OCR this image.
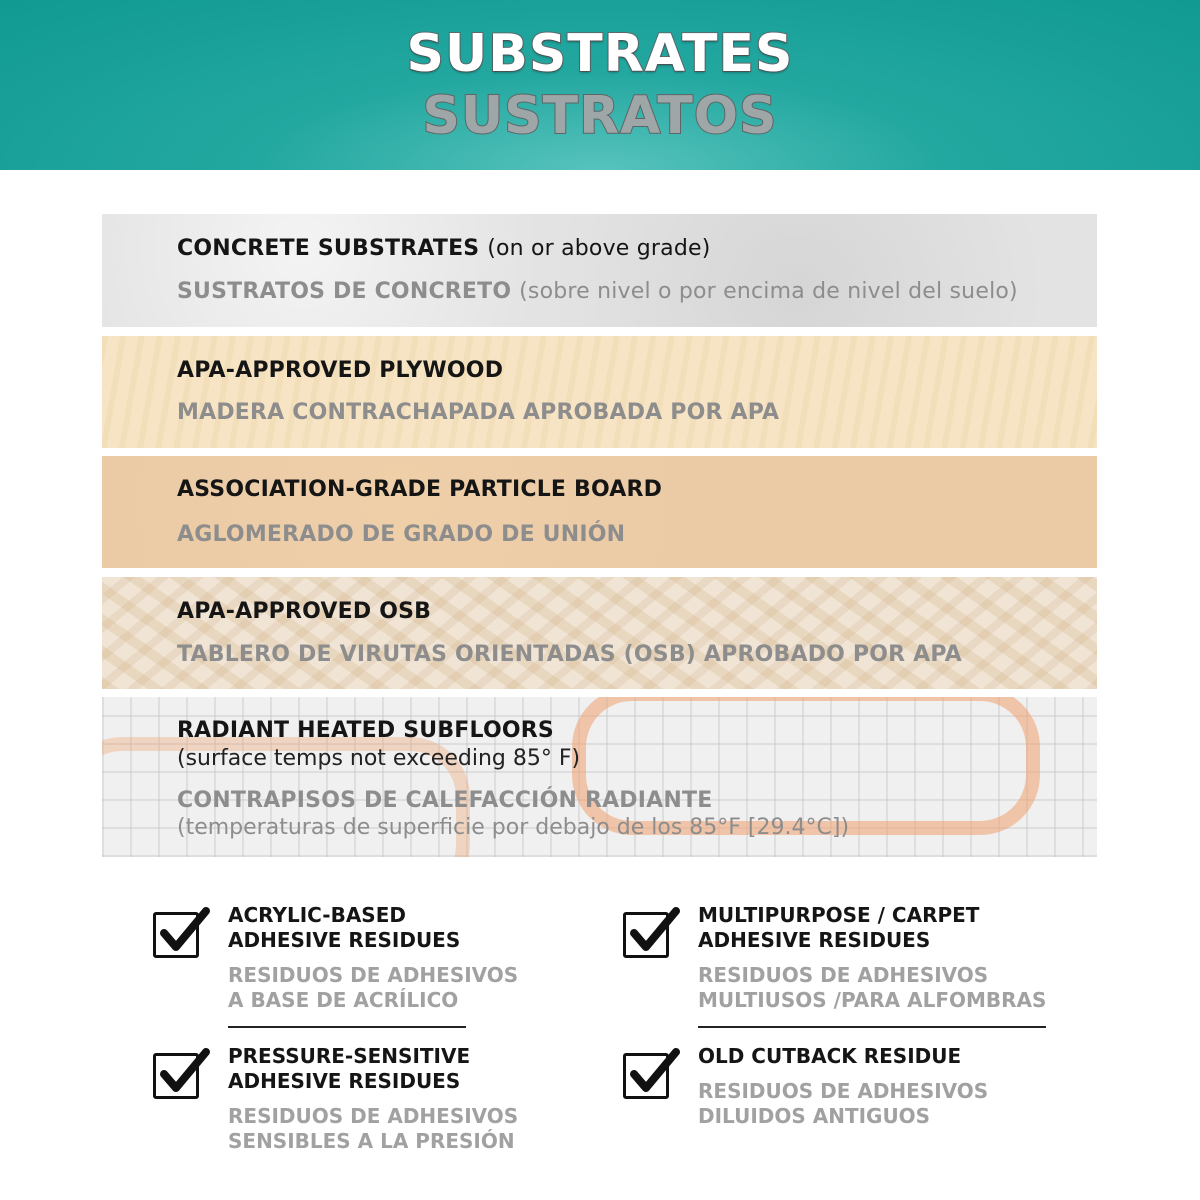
SUBSTRATES
SUSTRATOS
CONCRETE SUBSTRATES (on or above grade)
SUSTRATOS DE CONCRETO (sobre nivel o por encima de nivel del suelo)
APA-APPROVED PLYWOOD
MADERA CONTRACHAPADA APROBADA POR APA
ASSOCIATION-GRADE PARTICLE BOARD
AGLOMERADO DE GRADO DE UNIÓN
APA-APPROVED OSB
TABLERO DE VIRUTAS ORIENTADAS (OSB) APROBADO POR APA
RADIANT HEATED SUBFLOORS
(surface temps not exceeding 85° F)
CONTRAPISOS DE CALEFACCIÓN RADIANTE
(temperaturas de superficie por debajo de los 85°F [29.4°C])
ACRYLIC-BASED
ADHESIVE RESIDUES
RESIDUOS DE ADHESIVOS
A BASE DE ACRÍLICO
MULTIPURPOSE / CARPET
ADHESIVE RESIDUES
RESIDUOS DE ADHESIVOS
MULTIUSOS /PARA ALFOMBRAS
PRESSURE-SENSITIVE
ADHESIVE RESIDUES
RESIDUOS DE ADHESIVOS
SENSIBLES A LA PRESIÓN
OLD CUTBACK RESIDUE
RESIDUOS DE ADHESIVOS
DILUIDOS ANTIGUOS
